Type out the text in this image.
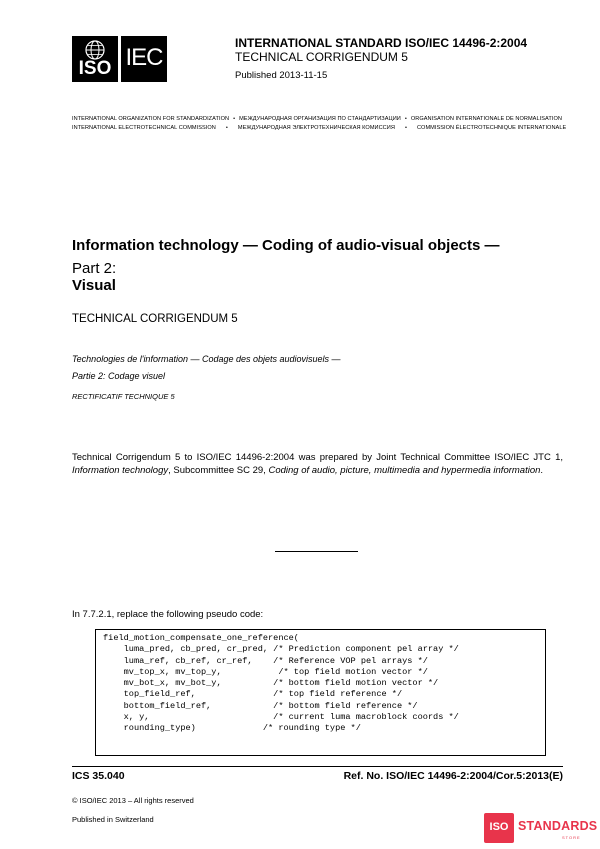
ISO IEC
INTERNATIONAL STANDARD ISO/IEC 14496-2:2004
TECHNICAL CORRIGENDUM 5
Published 2013-11-15
INTERNATIONAL ORGANIZATION FOR STANDARDIZATION • МЕЖДУНАРОДНАЯ ОРГАНИЗАЦИЯ ПО СТАНДАРТИЗАЦИИ • ORGANISATION INTERNATIONALE DE NORMALISATION
INTERNATIONAL ELECTROTECHNICAL COMMISSION • МЕЖДУНАРОДНАЯ ЭЛЕКТРОТЕХНИЧЕСКАЯ КОМИССИЯ • COMMISSION ÉLECTROTECHNIQUE INTERNATIONALE
Information technology — Coding of audio-visual objects —
Part 2:
Visual
TECHNICAL CORRIGENDUM 5
Technologies de l'information — Codage des objets audiovisuels —
Partie 2: Codage visuel
RECTIFICATIF TECHNIQUE 5
Technical Corrigendum 5 to ISO/IEC 14496-2:2004 was prepared by Joint Technical Committee ISO/IEC JTC 1, Information technology, Subcommittee SC 29, Coding of audio, picture, multimedia and hypermedia information.
In 7.7.2.1, replace the following pseudo code:
field_motion_compensate_one_reference(
luma_pred, cb_pred, cr_pred, /* Prediction component pel array */
luma_ref, cb_ref, cr_ref,    /* Reference VOP pel arrays */
mv_top_x, mv_top_y,           /* top field motion vector */
mv_bot_x, mv_bot_y,          /* bottom field motion vector */
top_field_ref,               /* top field reference */
bottom_field_ref,            /* bottom field reference */
x, y,                        /* current luma macroblock coords */
rounding_type)             /* rounding type */
ICS 35.040	Ref. No. ISO/IEC 14496-2:2004/Cor.5:2013(E)
© ISO/IEC 2013 – All rights reserved
Published in Switzerland
ISO STANDARDS
STORE
